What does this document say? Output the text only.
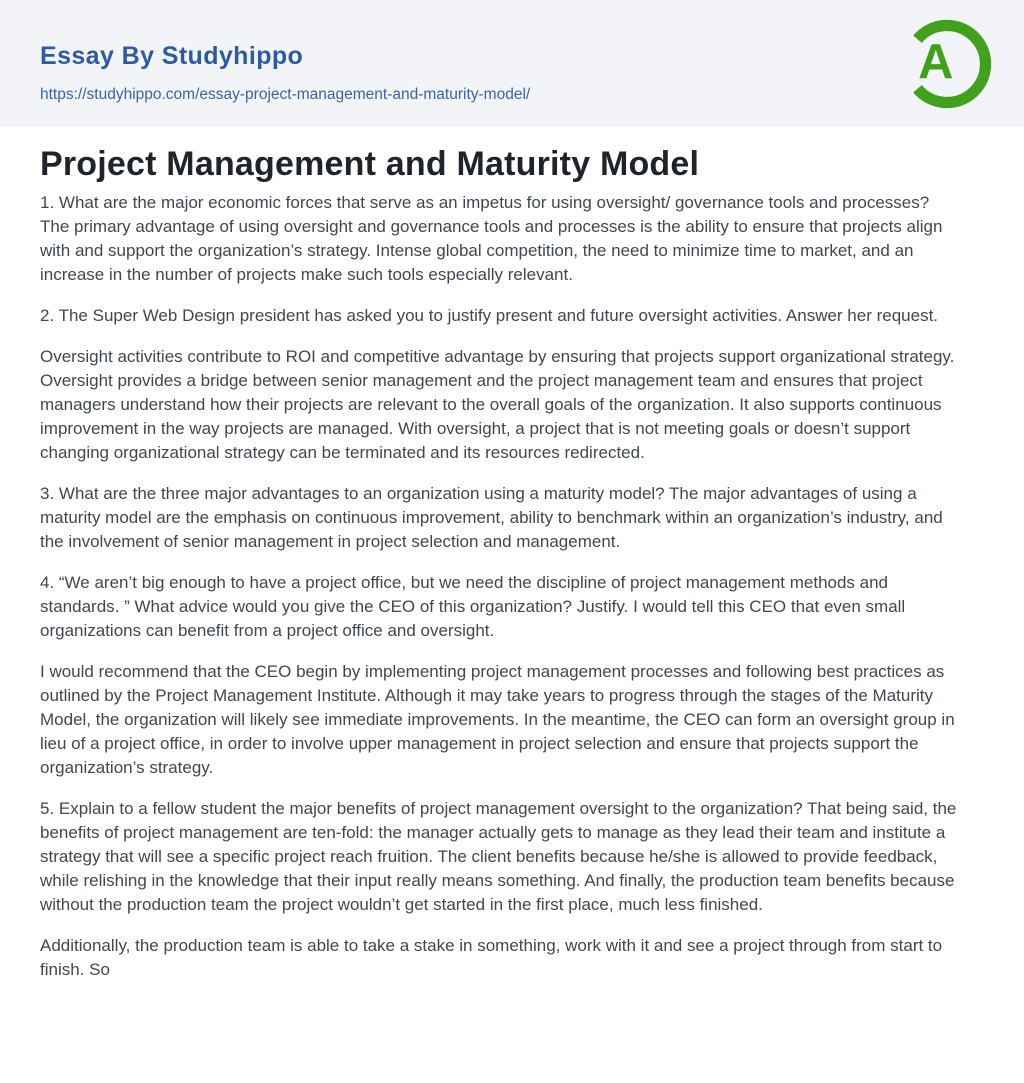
Essay By Studyhippo
https://studyhippo.com/essay-project-management-and-maturity-model/
A
Project Management and Maturity Model

1. What are the major economic forces that serve as an impetus for using oversight/ governance tools and processes? The primary advantage of using oversight and governance tools and processes is the ability to ensure that projects align with and support the organization’s strategy. Intense global competition, the need to minimize time to market, and an increase in the number of projects make such tools especially relevant.

2. The Super Web Design president has asked you to justify present and future oversight activities. Answer her request.

Oversight activities contribute to ROI and competitive advantage by ensuring that projects support organizational strategy. Oversight provides a bridge between senior management and the project management team and ensures that project managers understand how their projects are relevant to the overall goals of the organization. It also supports continuous improvement in the way projects are managed. With oversight, a project that is not meeting goals or doesn’t support changing organizational strategy can be terminated and its resources redirected.

3. What are the three major advantages to an organization using a maturity model? The major advantages of using a maturity model are the emphasis on continuous improvement, ability to benchmark within an organization’s industry, and the involvement of senior management in project selection and management.

4. “We aren’t big enough to have a project office, but we need the discipline of project management methods and standards. ” What advice would you give the CEO of this organization? Justify. I would tell this CEO that even small organizations can benefit from a project office and oversight.

I would recommend that the CEO begin by implementing project management processes and following best practices as outlined by the Project Management Institute. Although it may take years to progress through the stages of the Maturity Model, the organization will likely see immediate improvements. In the meantime, the CEO can form an oversight group in lieu of a project office, in order to involve upper management in project selection and ensure that projects support the organization’s strategy.

5. Explain to a fellow student the major benefits of project management oversight to the organization? That being said, the benefits of project management are ten-fold: the manager actually gets to manage as they lead their team and institute a strategy that will see a specific project reach fruition. The client benefits because he/she is allowed to provide feedback, while relishing in the knowledge that their input really means something. And finally, the production team benefits because without the production team the project wouldn’t get started in the first place, much less finished.

Additionally, the production team is able to take a stake in something, work with it and see a project through from start to finish. So
